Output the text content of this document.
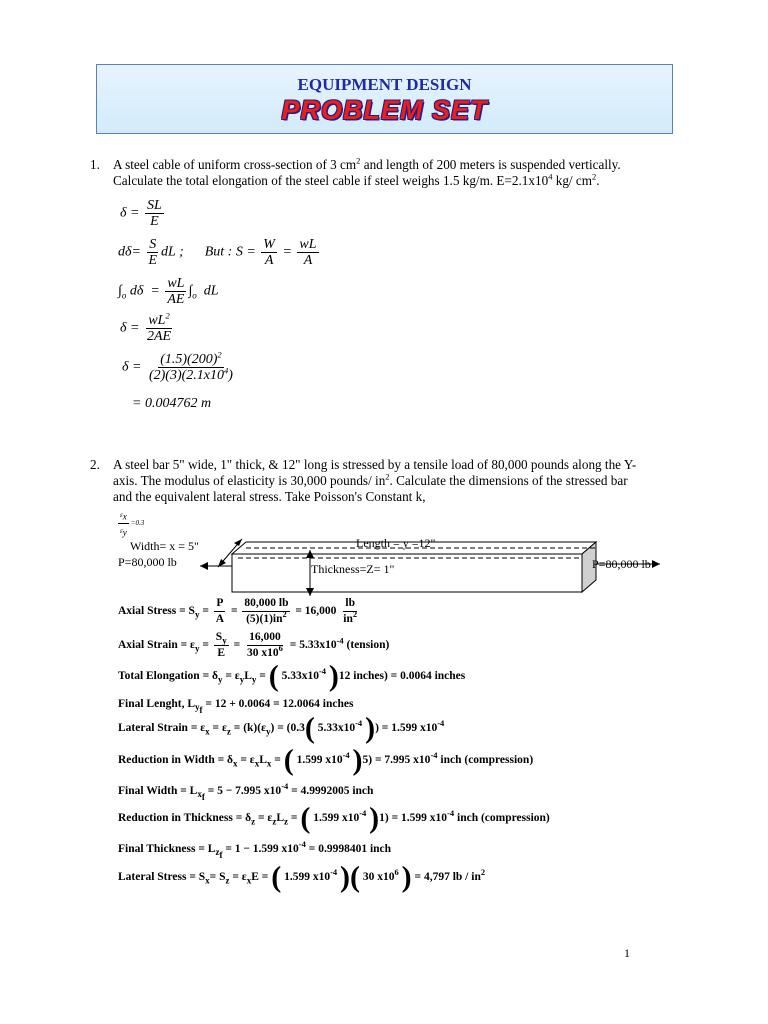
EQUIPMENT DESIGN
PROBLEM SET
1. A steel cable of uniform cross-section of 3 $cm^2$ and length of 200 meters is suspended vertically.
Calculate the total elongation of the steel cable if steel weighs 1.5 kg/m. $E=2.1x10^4$ kg/ $cm^2$.
$\delta = \frac{SL}{E}$
$d\delta= \frac{S}{E}$ dL ;      But : $S = \frac{W}{A} = \frac{wL}{A}$
$\int_o$ $d\delta = \frac{wL}{AE} \int_o$  dL
$\delta = \frac{wL^2}{2AE}$
$\delta = \frac{(1.5)(200)^2}{(2)(3)(2.1x10^4)}$
= 0.004762 m
2. A steel bar 5" wide, 1" thick, & 12" long is stressed by a tensile load of 80,000 pounds along the Y-
axis. The modulus of elasticity is 30,000 pounds/ $in^2$. Calculate the dimensions of the stressed bar
and the equivalent lateral stress. Take Poisson's Constant k,
$\frac{\varepsilon x}{\varepsilon y} =0.3$
Width= x = 5"
P=80,000 lb
Length = y =12"
Thickness=Z= 1"	P=80,000 lb
Axial Stress = $S_y = \frac{P}{A} = \frac{80,000 lb}{(5)(1)in^2} = 16,000 \frac{lb}{in^2}$
Axial Strain = $\varepsilon_y = \frac{S_y}{E} = \frac{16,000}{30 x10^6} = 5.33x10^{-4}$ (tension)
Total Elongation = $\delta_y = \varepsilon_yL_y$ = ( $5.33x10^{-4}$ )12 inches) = 0.0064 inches
Final Lenght, $L_{yf} = 12 + 0.0064 = 12.0064$ inches
Lateral Strain = $\varepsilon_x = \varepsilon_z = (k)(\varepsilon_y) = (0.3$( $5.33x10^{-4}$ )) = 1.599 $x10^{-4}$
Reduction in Width = $\delta_x = \varepsilon_xL_x$ = ( 1.599 $x10^{-4}$ )5) = 7.995 $x10^{-4}$ inch (compression)
Final Width = $L_{xf} = 5 - 7.995$ $x10^{-4} = 4.9992005$ inch
Reduction in Thickness = $\delta_z = \varepsilon_zL_z$ = ( 1.599 $x10^{-4}$ )1) = 1.599 $x10^{-4}$ inch (compression)
Final Thickness = $L_{zf} = 1 - 1.599$ $x10^{-4} = 0.9998401$ inch
Lateral Stress = $S_x= S_z = \varepsilon_xE$ = ( 1.599 $x10^{-4}$ )( 30 $x10^6$ ) = 4,797 lb / $in^2$
1
